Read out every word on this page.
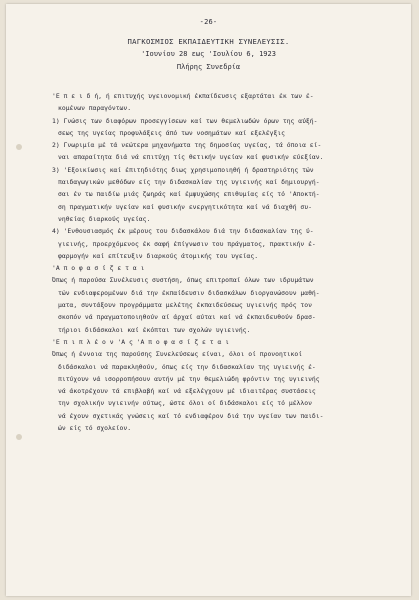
-26-
ΠΑΓΚΟΣΜΙΟΣ ΕΚΠΑΙΔΕΥΤΙΚΗ ΣΥΝΕΛΕΥΣΙΣ.
'Ιουνίου 28 εως 'Ιουλίου 6, 1923
Πλήρης Συνεδρία
'Ε π ε ι δ ή, ή επιτυχής υγειονομική έκπαίδευσις εξαρτάται έκ των έ-
κομένων παραγόντων.
1) Γνώσις των διαφόρων προσεγγίσεων καί των θεμελιωδών όρων της αύξή-
σεως της υγείας προφυλάξεις άπό των νοσημάτων καί εξελέγξις
2) Γνωριμία μέ τά νεώτερα μηχανήματα της δημοσίας υγείας, τά όποια εί-
ναι απαραίτητα διά νά επιτύχη τίς θετικήν υγείαν καί φυσικήν εύεξίαν.
3) 'Εξοικίωσις καί έπιτηδιότης διως χρησιμοποιηθή ή δραστηριότης τών
παιδαγωγικών μεθόδων είς την διδασκαλίαν της υγιεινής καί δημιουργή-
σαι έν τω παιδίω μιάς ζωηράς καί έμψυχώσης επιθυμίας είς τό 'Αποκτή-
ση πραγματικήν υγείαν καί φυσικήν ενεργητικότητα καί νά διαχθή συ-
νηθείας διαρκούς υγείας.
4) 'Ενθουσιασμός έκ μέρους του διδασκάλου διά την διδασκαλίαν της ύ-
γιεινής, προερχόμενος έκ σαφή έπίγνωσιν του πράγματος, πρακτικήν έ-
φαρμογήν καί επίτευξιν διαρκούς άτομικής του υγείας.
'Α π ο φ α σ ί ζ ε τ α ι
Όπως ή παρούσα Συνέλευσις συστήση, όπως επιτροπαί όλων των ιδρυμάτων
τών ενδιαφερομένων διά την έκπαίδευσιν διδασκάλων διοργανώσουν μαθή-
ματα, συντάξουν προγράμματα μελέτης έκπαιδεύσεως υγιεινής πρός τον
σκοπόν νά πραγματοποιηθούν αί άρχαί αύται καί νά έκπαιδευθούν δρασ-
τήριοι διδάσκαλοι καί έκόπται των σχολών υγιεινής.
'Ε π ι π λ έ ο ν 'Α ς 'Α π ο φ α σ ί ζ ε τ α ι
Όπως ή έννοια της παρούσης Συνελεύσεως είναι, όλοι οί προνοητικοί
διδάσκαλοι νά παρακληθούν, όπως είς την διδασκαλίαν της υγιεινής έ-
πιτύχουν νά ισορροπήσουν αυτήν μέ την θεμελιώδη φρόντιν της υγιεινής
νά άκοτρέχουν τά επιβλαβή καί νά εξελέγχουν μέ ιδιαιτέρας συστάσεις
την σχολικήν υγιεινήν ούτως, ώστε όλοι οί διδάσκαλοι είς τό μέλλον
νά έχουν σχετικάς γνώσεις καί τό ενδιαφέρον διά την υγείαν των παιδι-
ών είς τό σχολείον.
